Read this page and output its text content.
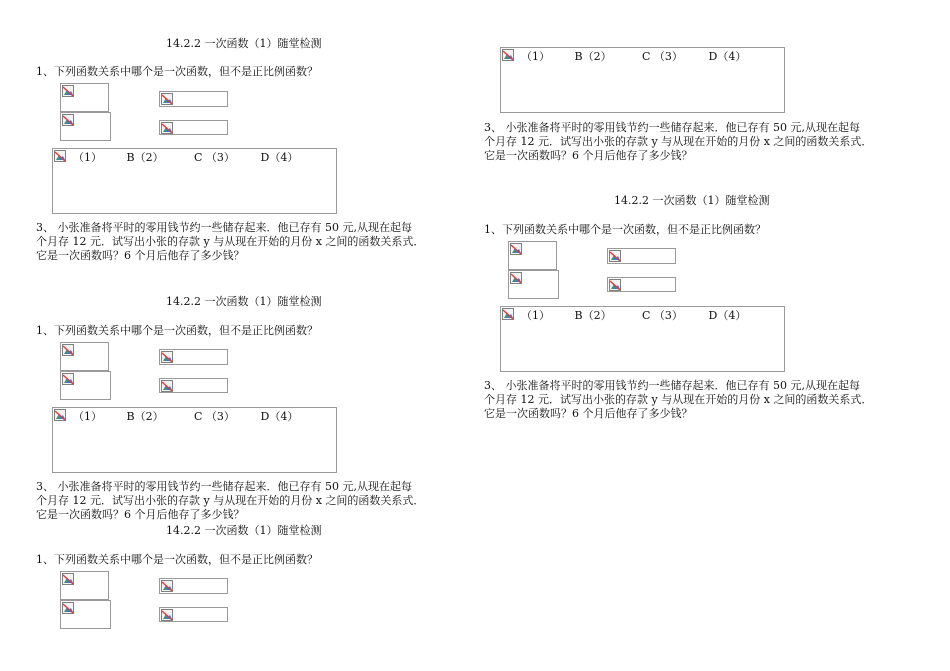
14.2.2 一次函数（1）随堂检测
1、下列函数关系中哪个是一次函数，但不是正比例函数？
（1） B（2）	C （3） D（4）
3、 小张准备将平时的零用钱节约一些储存起来．他已存有 50 元,从现在起每
个月存 12 元．试写出小张的存款 y 与从现在开始的月份 x 之间的函数关系式．
它是一次函数吗？6 个月后他存了多少钱？
14.2.2 一次函数（1）随堂检测
1、下列函数关系中哪个是一次函数，但不是正比例函数？
（1） B（2）	C （3） D（4）
3、 小张准备将平时的零用钱节约一些储存起来．他已存有 50 元,从现在起每
个月存 12 元．试写出小张的存款 y 与从现在开始的月份 x 之间的函数关系式．
它是一次函数吗？6 个月后他存了多少钱？
14.2.2 一次函数（1）随堂检测
1、下列函数关系中哪个是一次函数，但不是正比例函数？
（1） B（2）	C （3） D（4）
3、 小张准备将平时的零用钱节约一些储存起来．他已存有 50 元,从现在起每
个月存 12 元．试写出小张的存款 y 与从现在开始的月份 x 之间的函数关系式．
它是一次函数吗？6 个月后他存了多少钱？
14.2.2 一次函数（1）随堂检测
1、下列函数关系中哪个是一次函数，但不是正比例函数？
（1） B（2）	C （3） D（4）
3、 小张准备将平时的零用钱节约一些储存起来．他已存有 50 元,从现在起每
个月存 12 元．试写出小张的存款 y 与从现在开始的月份 x 之间的函数关系式．
它是一次函数吗？6 个月后他存了多少钱？
